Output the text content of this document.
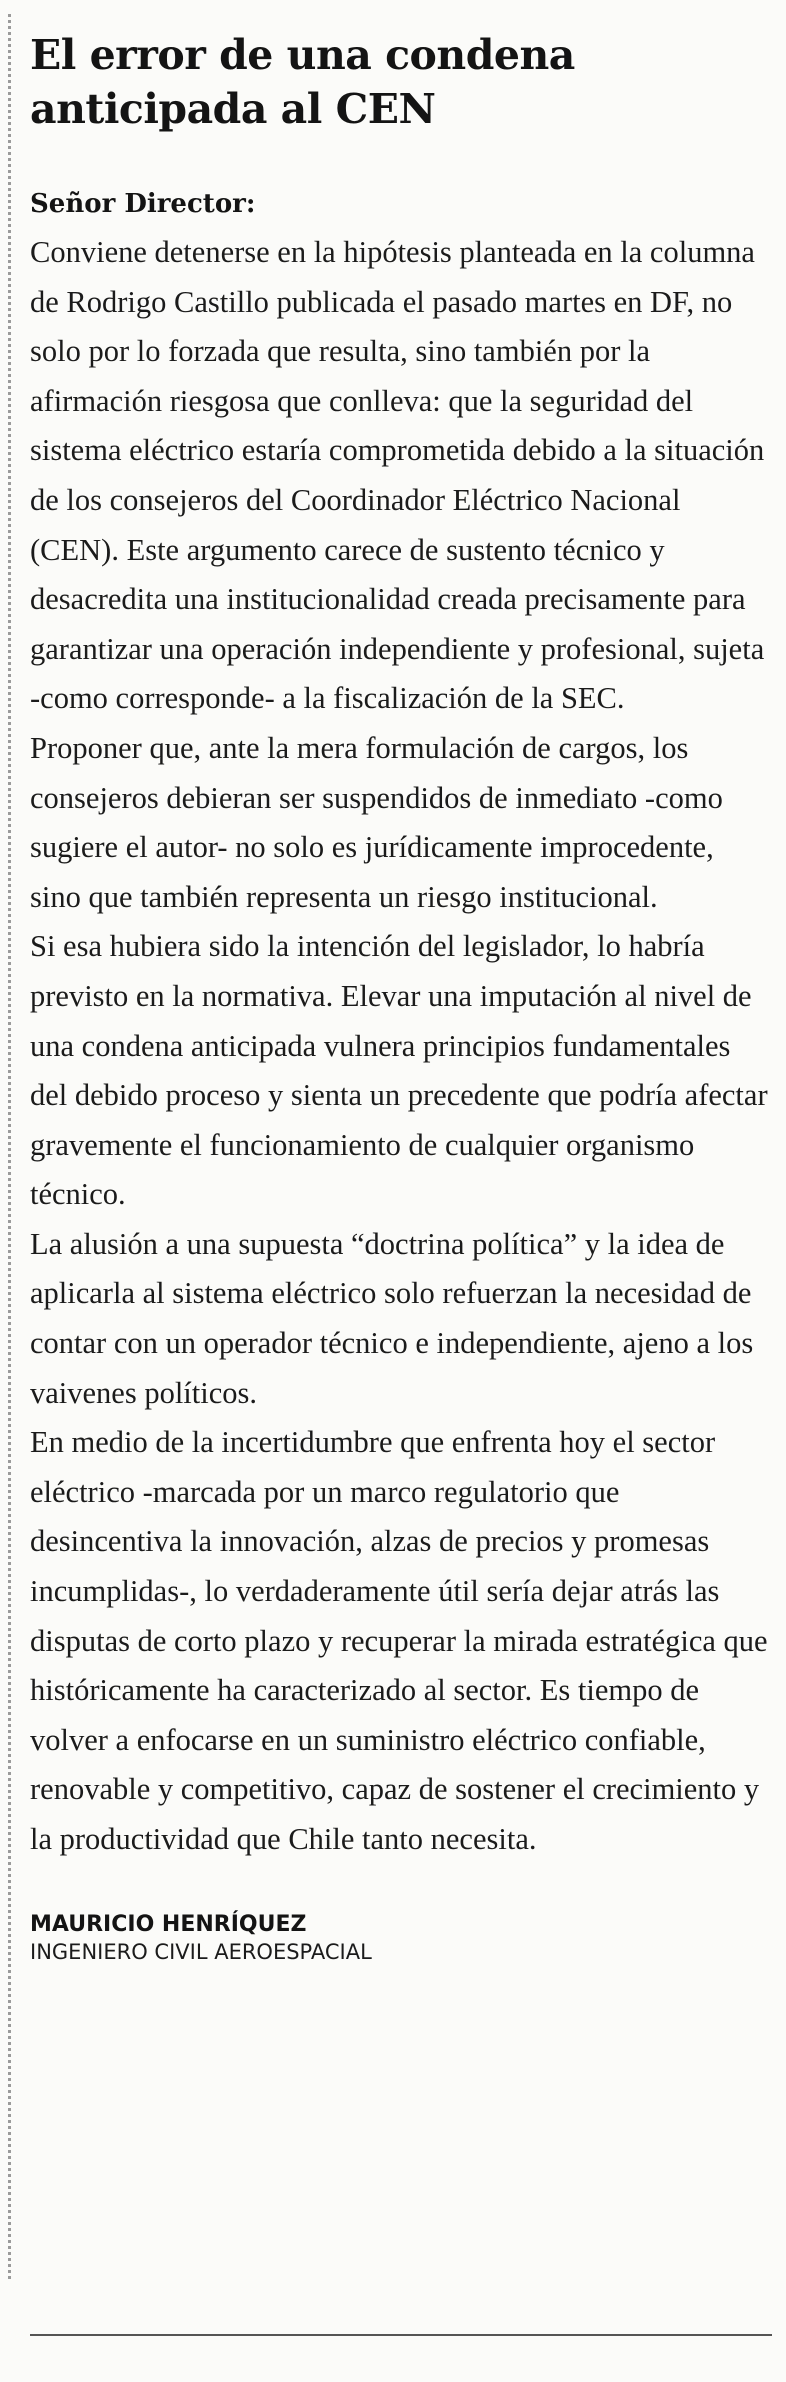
El error de una condena anticipada al CEN

Señor Director:

Conviene detenerse en la hipótesis planteada en la columna de Rodrigo Castillo publicada el pasado martes en DF, no solo por lo forzada que resulta, sino también por la afirmación riesgosa que conlleva: que la seguridad del sistema eléctrico estaría comprometida debido a la situación de los consejeros del Coordinador Eléctrico Nacional (CEN). Este argumento carece de sustento técnico y desacredita una institucionalidad creada precisamente para garantizar una operación independiente y profesional, sujeta -como corresponde- a la fiscalización de la SEC.

Proponer que, ante la mera formulación de cargos, los consejeros debieran ser suspendidos de inmediato -como sugiere el autor- no solo es jurídicamente improcedente, sino que también representa un riesgo institucional.

Si esa hubiera sido la intención del legislador, lo habría previsto en la normativa. Elevar una imputación al nivel de una condena anticipada vulnera principios fundamentales del debido proceso y sienta un precedente que podría afectar gravemente el funcionamiento de cualquier organismo técnico.

La alusión a una supuesta “doctrina política” y la idea de aplicarla al sistema eléctrico solo refuerzan la necesidad de contar con un operador técnico e independiente, ajeno a los vaivenes políticos.

En medio de la incertidumbre que enfrenta hoy el sector eléctrico -marcada por un marco regulatorio que desincentiva la innovación, alzas de precios y promesas incumplidas-, lo verdaderamente útil sería dejar atrás las disputas de corto plazo y recuperar la mirada estratégica que históricamente ha caracterizado al sector. Es tiempo de volver a enfocarse en un suministro eléctrico confiable, renovable y competitivo, capaz de sostener el crecimiento y la productividad que Chile tanto necesita.

MAURICIO HENRÍQUEZ

INGENIERO CIVIL AEROESPACIAL
